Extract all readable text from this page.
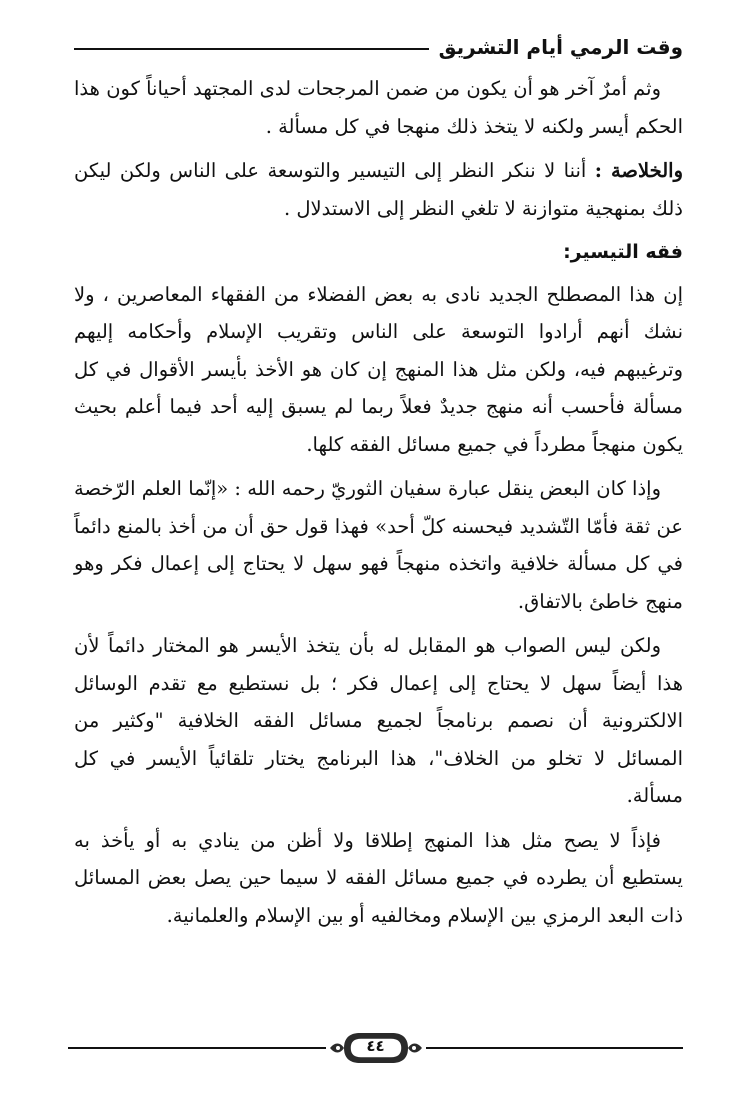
وقت الرمي أيام التشريق

وثم أمرٌ آخر هو أن يكون من ضمن المرجحات لدى المجتهد أحياناً كون هذا الحكم أيسر ولكنه لا يتخذ ذلك منهجا في كل مسألة .

والخلاصة : أننا لا ننكر النظر إلى التيسير والتوسعة على الناس ولكن ليكن ذلك بمنهجية متوازنة لا تلغي النظر إلى الاستدلال .

فقه التيسير:

إن هذا المصطلح الجديد نادى به بعض الفضلاء من الفقهاء المعاصرين ، ولا نشك أنهم أرادوا التوسعة على الناس وتقريب الإسلام وأحكامه إليهم وترغيبهم فيه، ولكن مثل هذا المنهج إن كان هو الأخذ بأيسر الأقوال في كل مسألة فأحسب أنه منهج جديدٌ فعلاً ربما لم يسبق إليه أحد فيما أعلم بحيث يكون منهجاً مطرداً في جميع مسائل الفقه كلها.

وإذا كان البعض ينقل عبارة سفيان الثوريّ رحمه الله : «إنّما العلم الرّخصة عن ثقة فأمّا التّشديد فيحسنه كلّ أحد» فهذا قول حق أن من أخذ بالمنع دائماً في كل مسألة خلافية واتخذه منهجاً فهو سهل لا يحتاج إلى إعمال فكر وهو منهج خاطئ بالاتفاق.

ولكن ليس الصواب هو المقابل له بأن يتخذ الأيسر هو المختار دائماً لأن هذا أيضاً سهل لا يحتاج إلى إعمال فكر ؛ بل نستطيع مع تقدم الوسائل الالكترونية أن نصمم برنامجاً لجميع مسائل الفقه الخلافية "وكثير من المسائل لا تخلو من الخلاف"، هذا البرنامج يختار تلقائياً الأيسر في كل مسألة.

فإذاً لا يصح مثل هذا المنهج إطلاقا ولا أظن من ينادي به أو يأخذ به يستطيع أن يطرده في جميع مسائل الفقه لا سيما حين يصل بعض المسائل ذات البعد الرمزي بين الإسلام ومخالفيه أو بين الإسلام والعلمانية.

٤٤
